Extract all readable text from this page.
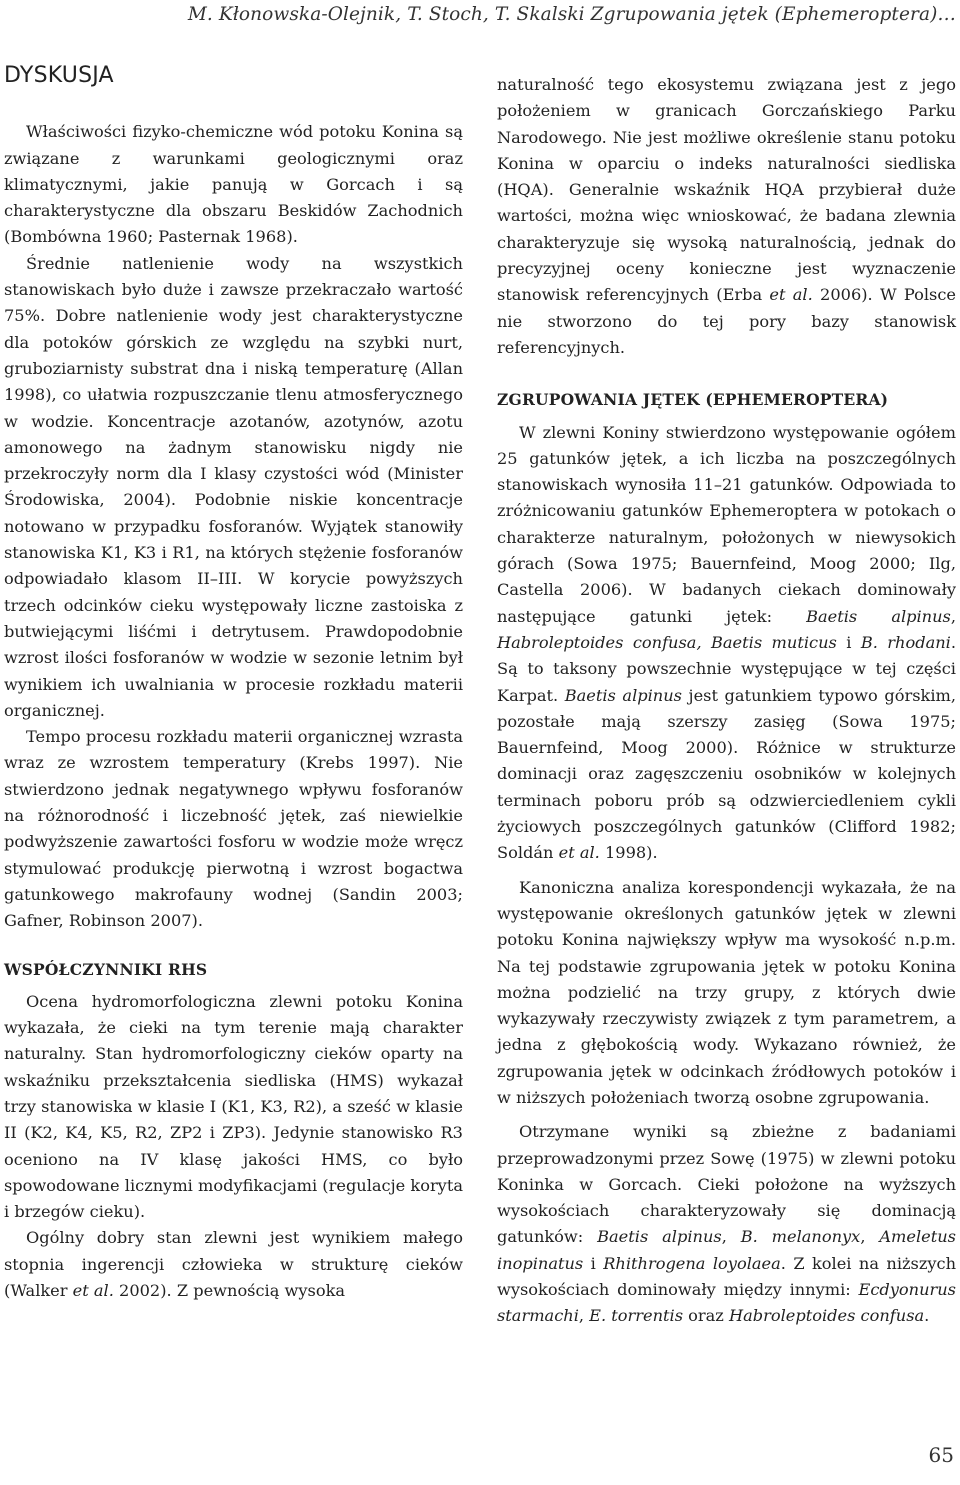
M. Kłonowska-Olejnik, T. Stoch, T. Skalski Zgrupowania jętek (Ephemeroptera)…
DYSKUSJA

Właściwości fizyko-chemiczne wód potoku Konina są związane z warunkami geologicznymi oraz klimatycznymi, jakie panują w Gorcach i są charakterystyczne dla obszaru Beskidów Zachodnich (Bombówna 1960; Pasternak 1968).

Średnie natlenienie wody na wszystkich stanowiskach było duże i zawsze przekraczało wartość 75%. Dobre natlenienie wody jest charakterystyczne dla potoków górskich ze względu na szybki nurt, gruboziarnisty substrat dna i niską temperaturę (Allan 1998), co ułatwia rozpuszczanie tlenu atmosferycznego w wodzie. Koncentracje azotanów, azotynów, azotu amonowego na żadnym stanowisku nigdy nie przekroczyły norm dla I klasy czystości wód (Minister Środowiska, 2004). Podobnie niskie koncentracje notowano w przypadku fosforanów. Wyjątek stanowiły stanowiska K1, K3 i R1, na których stężenie fosforanów odpowiadało klasom II–III. W korycie powyższych trzech odcinków cieku występowały liczne zastoiska z butwiejącymi liśćmi i detrytusem. Prawdopodobnie wzrost ilości fosforanów w wodzie w sezonie letnim był wynikiem ich uwalniania w procesie rozkładu materii organicznej.

Tempo procesu rozkładu materii organicznej wzrasta wraz ze wzrostem temperatury (Krebs 1997). Nie stwierdzono jednak negatywnego wpływu fosforanów na różnorodność i liczebność jętek, zaś niewielkie podwyższenie zawartości fosforu w wodzie może wręcz stymulować produkcję pierwotną i wzrost bogactwa gatunkowego makrofauny wodnej (Sandin 2003; Gafner, Robinson 2007).

WSPÓŁCZYNNIKI RHS

Ocena hydromorfologiczna zlewni potoku Konina wykazała, że cieki na tym terenie mają charakter naturalny. Stan hydromorfologiczny cieków oparty na wskaźniku przekształcenia siedliska (HMS) wykazał trzy stanowiska w klasie I (K1, K3, R2), a sześć w klasie II (K2, K4, K5, R2, ZP2 i ZP3). Jedynie stanowisko R3 oceniono na IV klasę jakości HMS, co było spowodowane licznymi modyfikacjami (regulacje koryta i brzegów cieku).

Ogólny dobry stan zlewni jest wynikiem małego stopnia ingerencji człowieka w strukturę cieków (Walker et al. 2002). Z pewnością wysoka

naturalność tego ekosystemu związana jest z jego położeniem w granicach Gorczańskiego Parku Narodowego. Nie jest możliwe określenie stanu potoku Konina w oparciu o indeks naturalności siedliska (HQA). Generalnie wskaźnik HQA przybierał duże wartości, można więc wnioskować, że badana zlewnia charakteryzuje się wysoką naturalnością, jednak do precyzyjnej oceny konieczne jest wyznaczenie stanowisk referencyjnych (Erba et al. 2006). W Polsce nie stworzono do tej pory bazy stanowisk referencyjnych.

ZGRUPOWANIA JĘTEK (EPHEMEROPTERA)

W zlewni Koniny stwierdzono występowanie ogółem 25 gatunków jętek, a ich liczba na poszczególnych stanowiskach wynosiła 11–21 gatunków. Odpowiada to zróżnicowaniu gatunków Ephemeroptera w potokach o charakterze naturalnym, położonych w niewysokich górach (Sowa 1975; Bauernfeind, Moog 2000; Ilg, Castella 2006). W badanych ciekach dominowały następujące gatunki jętek: Baetis alpinus, Habroleptoides confusa, Baetis muticus i B. rhodani. Są to taksony powszechnie występujące w tej części Karpat. Baetis alpinus jest gatunkiem typowo górskim, pozostałe mają szerszy zasięg (Sowa 1975; Bauernfeind, Moog 2000). Różnice w strukturze dominacji oraz zagęszczeniu osobników w kolejnych terminach poboru prób są odzwierciedleniem cykli życiowych poszczególnych gatunków (Clifford 1982; Soldán et al. 1998).

Kanoniczna analiza korespondencji wykazała, że na występowanie określonych gatunków jętek w zlewni potoku Konina największy wpływ ma wysokość n.p.m. Na tej podstawie zgrupowania jętek w potoku Konina można podzielić na trzy grupy, z których dwie wykazywały rzeczywisty związek z tym parametrem, a jedna z głębokością wody. Wykazano również, że zgrupowania jętek w odcinkach źródłowych potoków i w niższych położeniach tworzą osobne zgrupowania.

Otrzymane wyniki są zbieżne z badaniami przeprowadzonymi przez Sowę (1975) w zlewni potoku Koninka w Gorcach. Cieki położone na wyższych wysokościach charakteryzowały się dominacją gatunków: Baetis alpinus, B. melanonyx, Ameletus inopinatus i Rhithrogena loyolaea. Z kolei na niższych wysokościach dominowały między innymi: Ecdyonurus starmachi, E. torrentis oraz Habroleptoides confusa.

65
